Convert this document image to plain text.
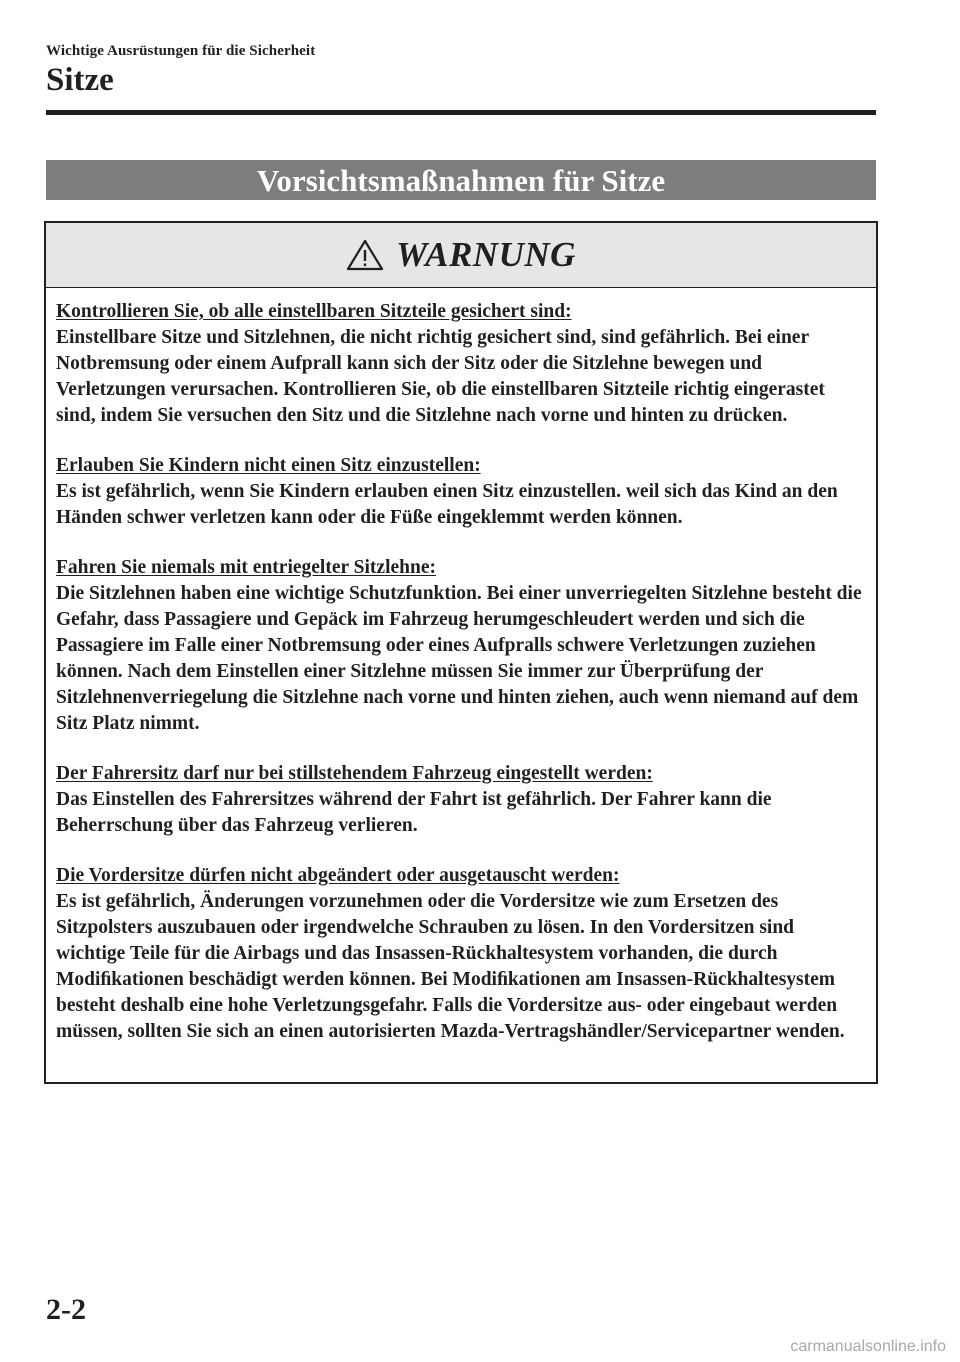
Wichtige Ausrüstungen für die Sicherheit
Sitze
Vorsichtsmaßnahmen für Sitze
WARNUNG

Kontrollieren Sie, ob alle einstellbaren Sitzteile gesichert sind:
Einstellbare Sitze und Sitzlehnen, die nicht richtig gesichert sind, sind gefährlich. Bei einer Notbremsung oder einem Aufprall kann sich der Sitz oder die Sitzlehne bewegen und Verletzungen verursachen. Kontrollieren Sie, ob die einstellbaren Sitzteile richtig eingerastet sind, indem Sie versuchen den Sitz und die Sitzlehne nach vorne und hinten zu drücken.

Erlauben Sie Kindern nicht einen Sitz einzustellen:
Es ist gefährlich, wenn Sie Kindern erlauben einen Sitz einzustellen. weil sich das Kind an den Händen schwer verletzen kann oder die Füße eingeklemmt werden können.

Fahren Sie niemals mit entriegelter Sitzlehne:
Die Sitzlehnen haben eine wichtige Schutzfunktion. Bei einer unverriegelten Sitzlehne besteht die Gefahr, dass Passagiere und Gepäck im Fahrzeug herumgeschleudert werden und sich die Passagiere im Falle einer Notbremsung oder eines Aufpralls schwere Verletzungen zuziehen können. Nach dem Einstellen einer Sitzlehne müssen Sie immer zur Überprüfung der Sitzlehnenverriegelung die Sitzlehne nach vorne und hinten ziehen, auch wenn niemand auf dem Sitz Platz nimmt.

Der Fahrersitz darf nur bei stillstehendem Fahrzeug eingestellt werden:
Das Einstellen des Fahrersitzes während der Fahrt ist gefährlich. Der Fahrer kann die Beherrschung über das Fahrzeug verlieren.

Die Vordersitze dürfen nicht abgeändert oder ausgetauscht werden:
Es ist gefährlich, Änderungen vorzunehmen oder die Vordersitze wie zum Ersetzen des Sitzpolsters auszubauen oder irgendwelche Schrauben zu lösen. In den Vordersitzen sind wichtige Teile für die Airbags und das Insassen-Rückhaltesystem vorhanden, die durch Modiﬁkationen beschädigt werden können. Bei Modiﬁkationen am Insassen-Rückhaltesystem besteht deshalb eine hohe Verletzungsgefahr. Falls die Vordersitze aus- oder eingebaut werden müssen, sollten Sie sich an einen autorisierten Mazda-Vertragshändler/Servicepartner wenden.

2-2
carmanualsonline.info
